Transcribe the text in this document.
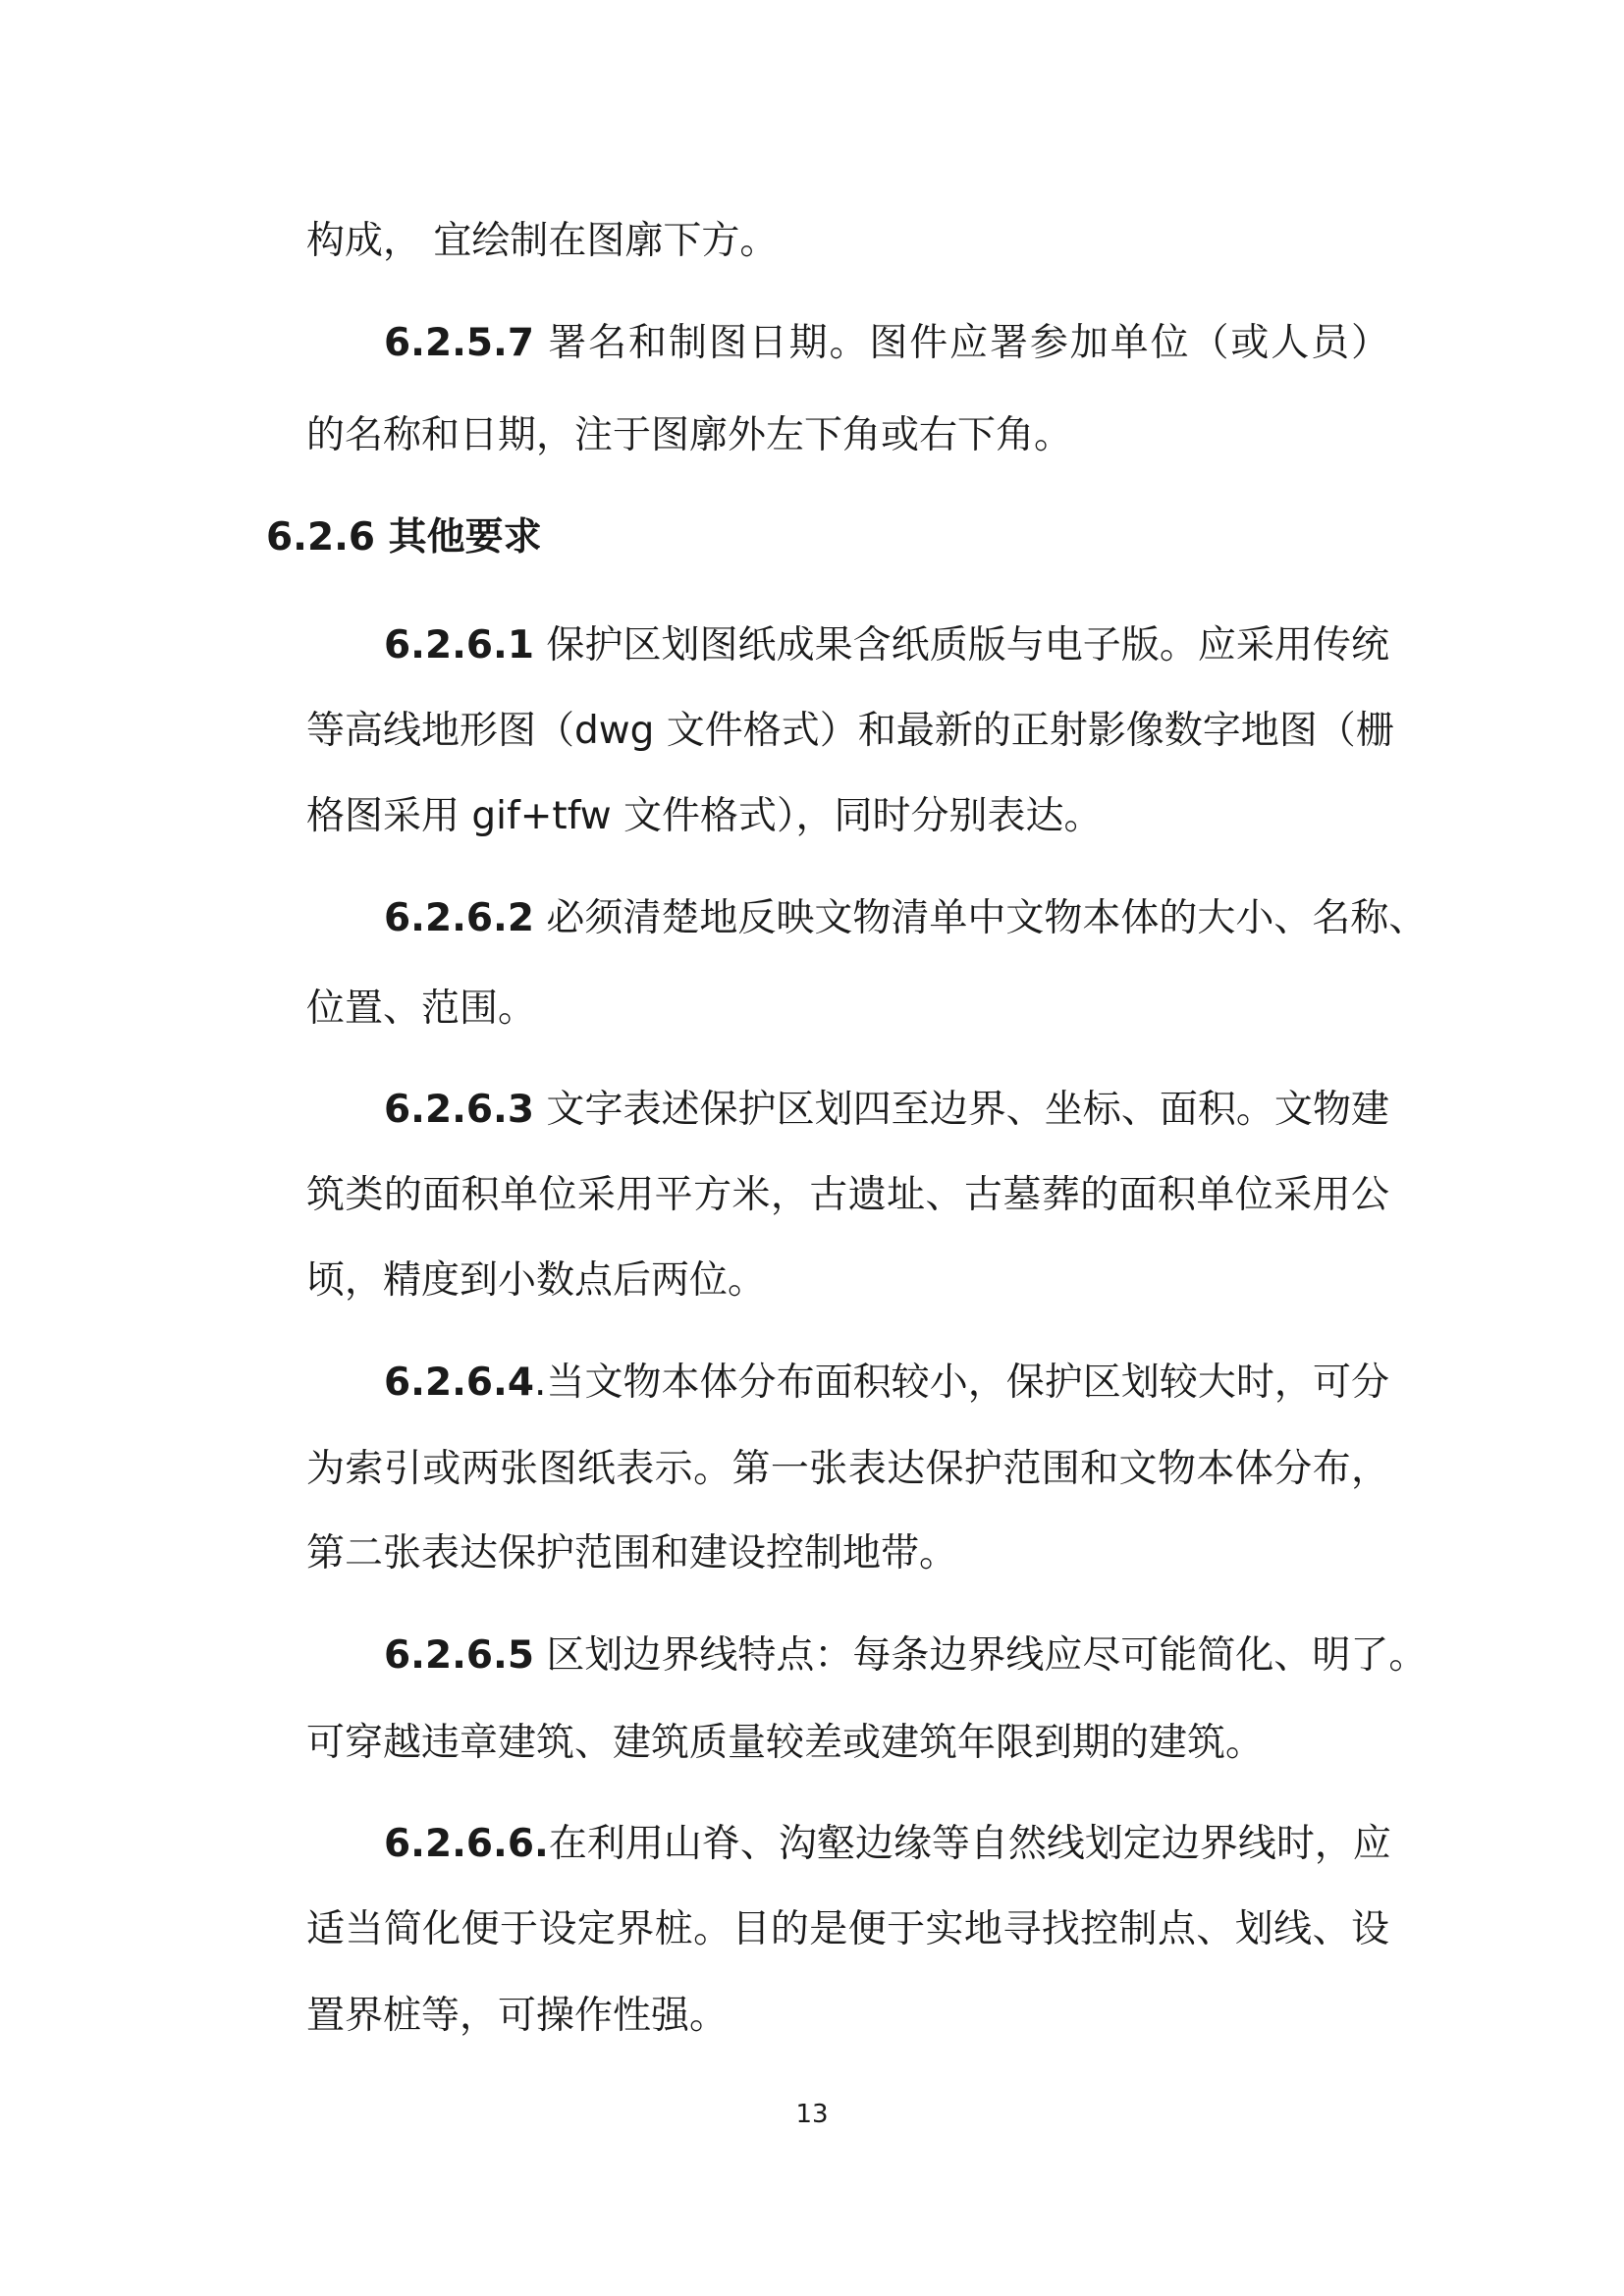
构成， 宜绘制在图廓下方。
6.2.5.7 署名和制图日期。图件应署参加单位（或人员）
的名称和日期，注于图廓外左下角或右下角。
6.2.6 其他要求
6.2.6.1 保护区划图纸成果含纸质版与电子版。应采用传统
等高线地形图（dwg 文件格式）和最新的正射影像数字地图（栅
格图采用 gif+tfw 文件格式），同时分别表达。
6.2.6.2 必须清楚地反映文物清单中文物本体的大小、名称、
位置、范围。
6.2.6.3 文字表述保护区划四至边界、坐标、面积。文物建
筑类的面积单位采用平方米，古遗址、古墓葬的面积单位采用公
顷，精度到小数点后两位。
6.2.6.4.当文物本体分布面积较小，保护区划较大时，可分
为索引或两张图纸表示。第一张表达保护范围和文物本体分布，
第二张表达保护范围和建设控制地带。
6.2.6.5 区划边界线特点：每条边界线应尽可能简化、明了。
可穿越违章建筑、建筑质量较差或建筑年限到期的建筑。
6.2.6.6.在利用山脊、沟壑边缘等自然线划定边界线时，应
适当简化便于设定界桩。目的是便于实地寻找控制点、划线、设
置界桩等，可操作性强。
13
